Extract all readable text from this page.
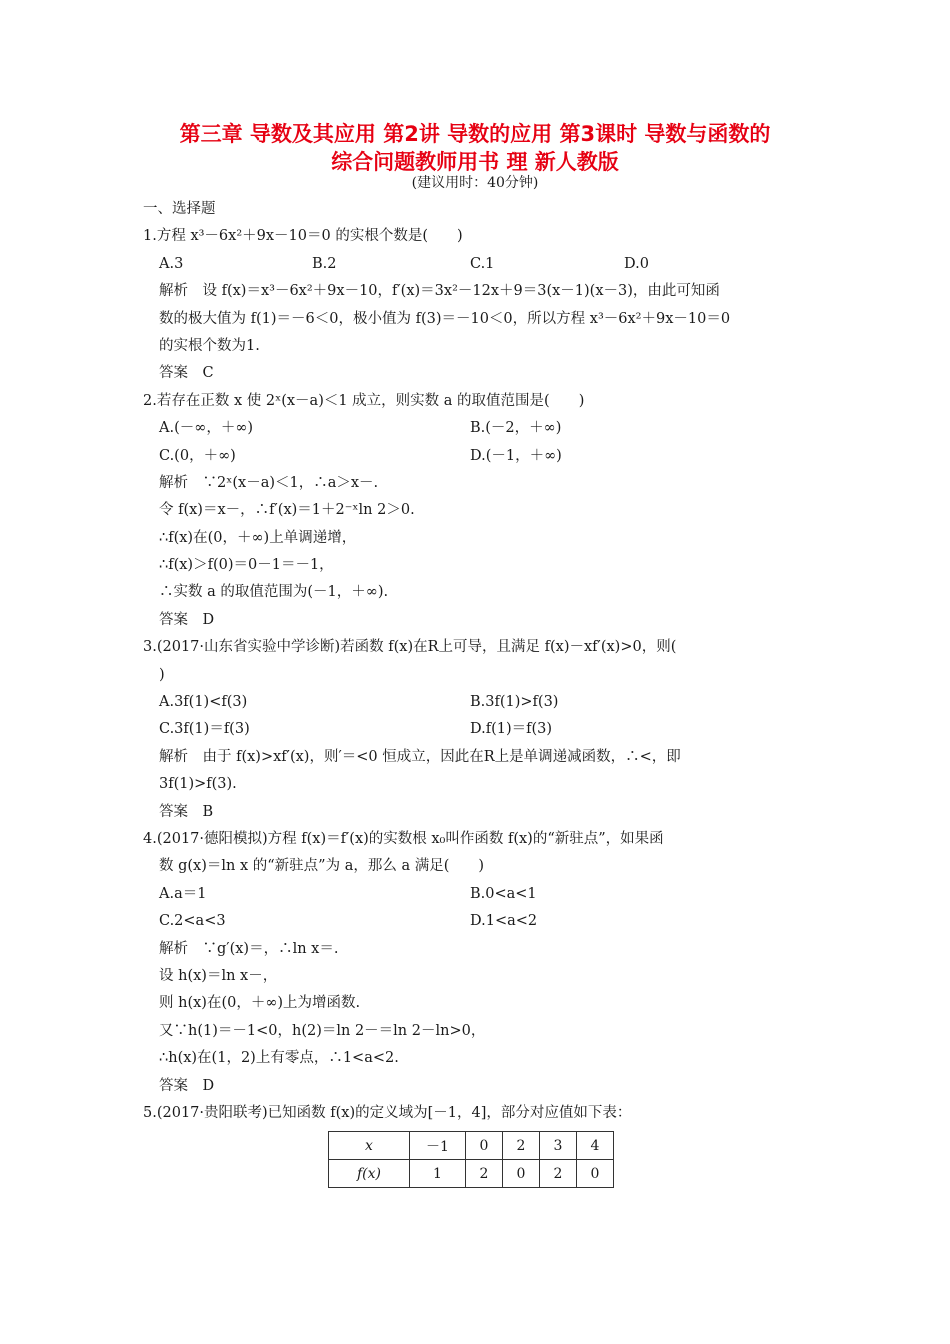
第三章 导数及其应用 第2讲 导数的应用 第3课时 导数与函数的
综合问题教师用书 理 新人教版
(建议用时：40分钟)
一、选择题
1.方程 x³－6x²＋9x－10＝0 的实根个数是(　　)
A.3	B.2	C.1	D.0
解析　设 f(x)＝x³－6x²＋9x－10，f′(x)＝3x²－12x＋9＝3(x－1)(x－3)，由此可知函
数的极大值为 f(1)＝－6＜0，极小值为 f(3)＝－10＜0，所以方程 x³－6x²＋9x－10＝0
的实根个数为1.
答案　C
2.若存在正数 x 使 2ˣ(x－a)＜1 成立，则实数 a 的取值范围是(　　)
A.(－∞，＋∞)	B.(－2，＋∞)
C.(0，＋∞)	D.(－1，＋∞)
解析　∵2ˣ(x－a)＜1，∴a＞x－.
令 f(x)＝x－，∴f′(x)＝1＋2⁻ˣln 2＞0.
∴f(x)在(0，＋∞)上单调递增，
∴f(x)＞f(0)＝0－1＝－1，
∴实数 a 的取值范围为(－1，＋∞).
答案　D
3.(2017·山东省实验中学诊断)若函数 f(x)在R上可导，且满足 f(x)－xf′(x)>0，则(
)
A.3f(1)<f(3)	B.3f(1)>f(3)
C.3f(1)＝f(3)	D.f(1)＝f(3)
解析　由于 f(x)>xf′(x)，则′＝<0 恒成立，因此在R上是单调递减函数，∴<，即
3f(1)>f(3).
答案　B
4.(2017·德阳模拟)方程 f(x)＝f′(x)的实数根 x₀叫作函数 f(x)的“新驻点”，如果函
数 g(x)＝ln x 的“新驻点”为 a，那么 a 满足(　　)
A.a＝1	B.0<a<1
C.2<a<3	D.1<a<2
解析　∵g′(x)＝，∴ln x＝.
设 h(x)＝ln x－，
则 h(x)在(0，＋∞)上为增函数.
又∵h(1)＝－1<0，h(2)＝ln 2－＝ln 2－ln>0，
∴h(x)在(1，2)上有零点，∴1<a<2.
答案　D
5.(2017·贵阳联考)已知函数 f(x)的定义域为[－1，4]，部分对应值如下表：
x	－1	0	2	3	4
f(x)	1	2	0	2	0
